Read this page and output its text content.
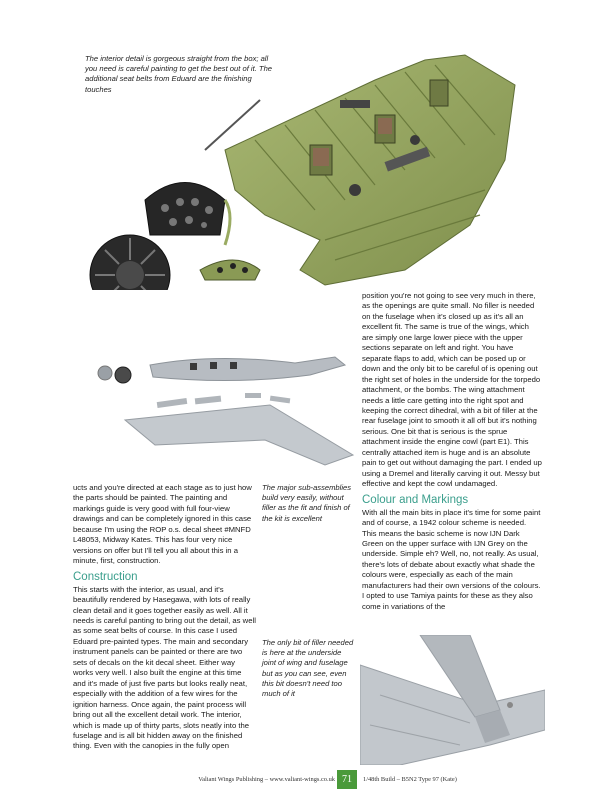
The interior detail is gorgeous straight from the box; all you need is careful painting to get the best out of it. The additional seat belts from Eduard are the finishing touches

The major sub-assemblies build very easily, without filler as the fit and finish of the kit is excellent

The only bit of filler needed is here at the underside joint of wing and fuselage but as you can see, even this bit doesn't need too much of it

ucts and you're directed at each stage as to just how the parts should be painted. The painting and markings guide is very good with full four-view drawings and can be completely ignored in this case because I'm using the ROP o.s. decal sheet #MNFD L48053, Midway Kates. This has four very nice versions on offer but I'll tell you all about this in a minute, first, construction.

Construction

This starts with the interior, as usual, and it's beautifully rendered by Hasegawa, with lots of really clean detail and it goes together easily as well. All it needs is careful panting to bring out the detail, as well as some seat belts of course. In this case I used Eduard pre-painted types. The main and secondary instrument panels can be painted or there are two sets of decals on the kit decal sheet. Either way works very well. I also built the engine at this time and it's made of just five parts but looks really neat, especially with the addition of a few wires for the ignition harness. Once again, the paint process will bring out all the excellent detail work. The interior, which is made up of thirty parts, slots neatly into the fuselage and is all bit hidden away on the finished thing. Even with the canopies in the fully open

position you're not going to see very much in there, as the openings are quite small. No filler is needed on the fuselage when it's closed up as it's all an excellent fit. The same is true of the wings, which are simply one large lower piece with the upper sections separate on left and right. You have separate flaps to add, which can be posed up or down and the only bit to be careful of is opening out the right set of holes in the underside for the torpedo attachment, or the bombs. The wing attachment needs a little care getting into the right spot and keeping the correct dihedral, with a bit of filler at the rear fuselage joint to smooth it all off but it's nothing serious. One bit that is serious is the sprue attachment inside the engine cowl (part E1). This centrally attached item is huge and is an absolute pain to get out without damaging the part. I ended up using a Dremel and literally carving it out. Messy but effective and kept the cowl undamaged.

Colour and Markings

With all the main bits in place it's time for some paint and of course, a 1942 colour scheme is needed. This means the basic scheme is now IJN Dark Green on the upper surface with IJN Grey on the underside. Simple eh? Well, no, not really. As usual, there's lots of debate about exactly what shade the colours were, especially as each of the main manufacturers had their own versions of the colours. I opted to use Tamiya paints for these as they also come in variations of the

Valiant Wings Publishing – www.valiant-wings.co.uk 71	1/48th Build – B5N2 Type 97 (Kate)
